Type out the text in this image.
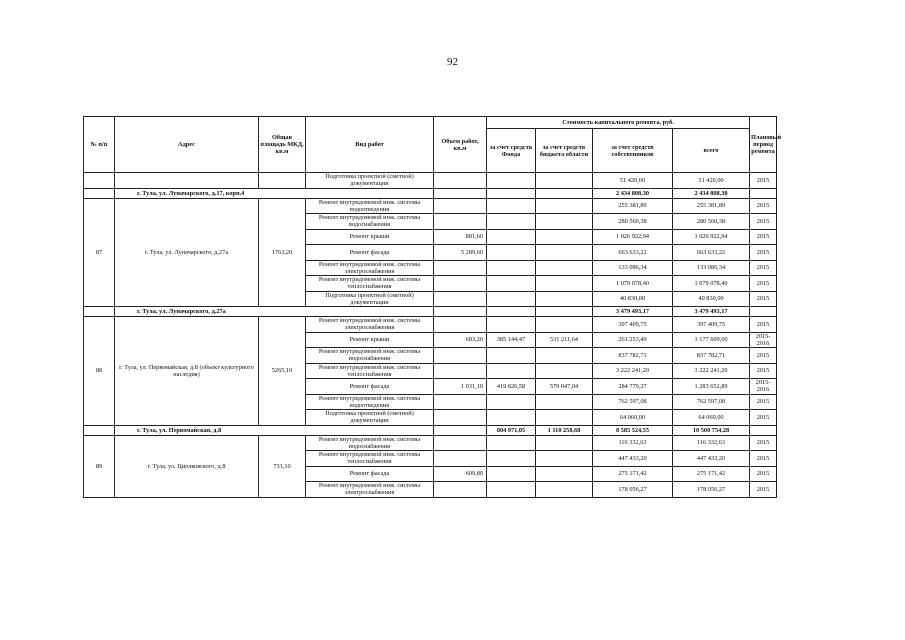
92
№ п/п	Адрес	Общая площадь МКД, кв.м	Вид работ	Объем работ, кв.м	Стоимость капитального ремонта, руб.				Плановый период ремонта
					за счет средств Фонда	за счет средств бюджета области	за счет средств собственников	всего	
			Подготовка проектной (сметной) документации				51 420,00	51 420,00	2015
	г. Тула, ул. Луначарского, д.17, корп.4						2 434 808,30	2 434 808,30	
87	г. Тула, ул. Луначарского, д.27а	1763,20	Ремонт внутридомовой инж. системы водоотведения				255 381,89	255 381,89	2015
			Ремонт внутридомовой инж. системы водоснабжения				280 560,38	280 560,38	2015
			Ремонт крыши	881,60			1 026 922,94	1 026 922,94	2015
			Ремонт фасада	5 289,60			663 633,22	663 633,22	2015
			Ремонт внутридомовой инж. системы электроснабжения				133 086,34	133 086,34	2015
			Ремонт внутридомовой инж. системы теплоснабжения				1 079 078,40	1 079 078,40	2015
			Подготовка проектной (сметной) документации				40 830,00	40 830,00	2015
	г. Тула, ул. Луначарского, д.27а						3 479 493,17	3 479 493,17	
88	г. Тула, ул. Первомайская, д.8 (объект культурного наследия)	5265,10	Ремонт внутридомовой инж. системы электроснабжения				397 409,75	397 409,75	2015
			Ремонт крыши	683,20	385 144,47	531 211,64	261 253,49	1 177 609,60	2015-2016
			Ремонт внутридомовой инж. системы водоснабжения				837 782,71	837 782,71	2015
			Ремонт внутридомовой инж. системы теплоснабжения				3 222 241,20	3 222 241,20	2015
			Ремонт фасада	1 031,10	419 826,58	579 047,04	284 779,27	1 283 652,89	2015-2016
			Ремонт внутридомовой инж. системы водоотведения				762 597,08	762 597,08	2015
			Подготовка проектной (сметной) документации				64 060,00	64 060,00	2015
	г. Тула, ул. Первомайская, д.8				804 971,05	1 110 258,68	8 585 524,55	10 500 754,28	
89	г. Тула, ул. Циолковского, д.8	731,10	Ремонт внутридомовой инж. системы водоснабжения				116 332,63	116 332,63	2015
			Ремонт внутридомовой инж. системы теплоснабжения				447 433,20	447 433,20	2015
			Ремонт фасада	609,80			275 171,42	275 171,42	2015
			Ремонт внутридомовой инж. системы электроснабжения				178 056,27	178 056,27	2015
